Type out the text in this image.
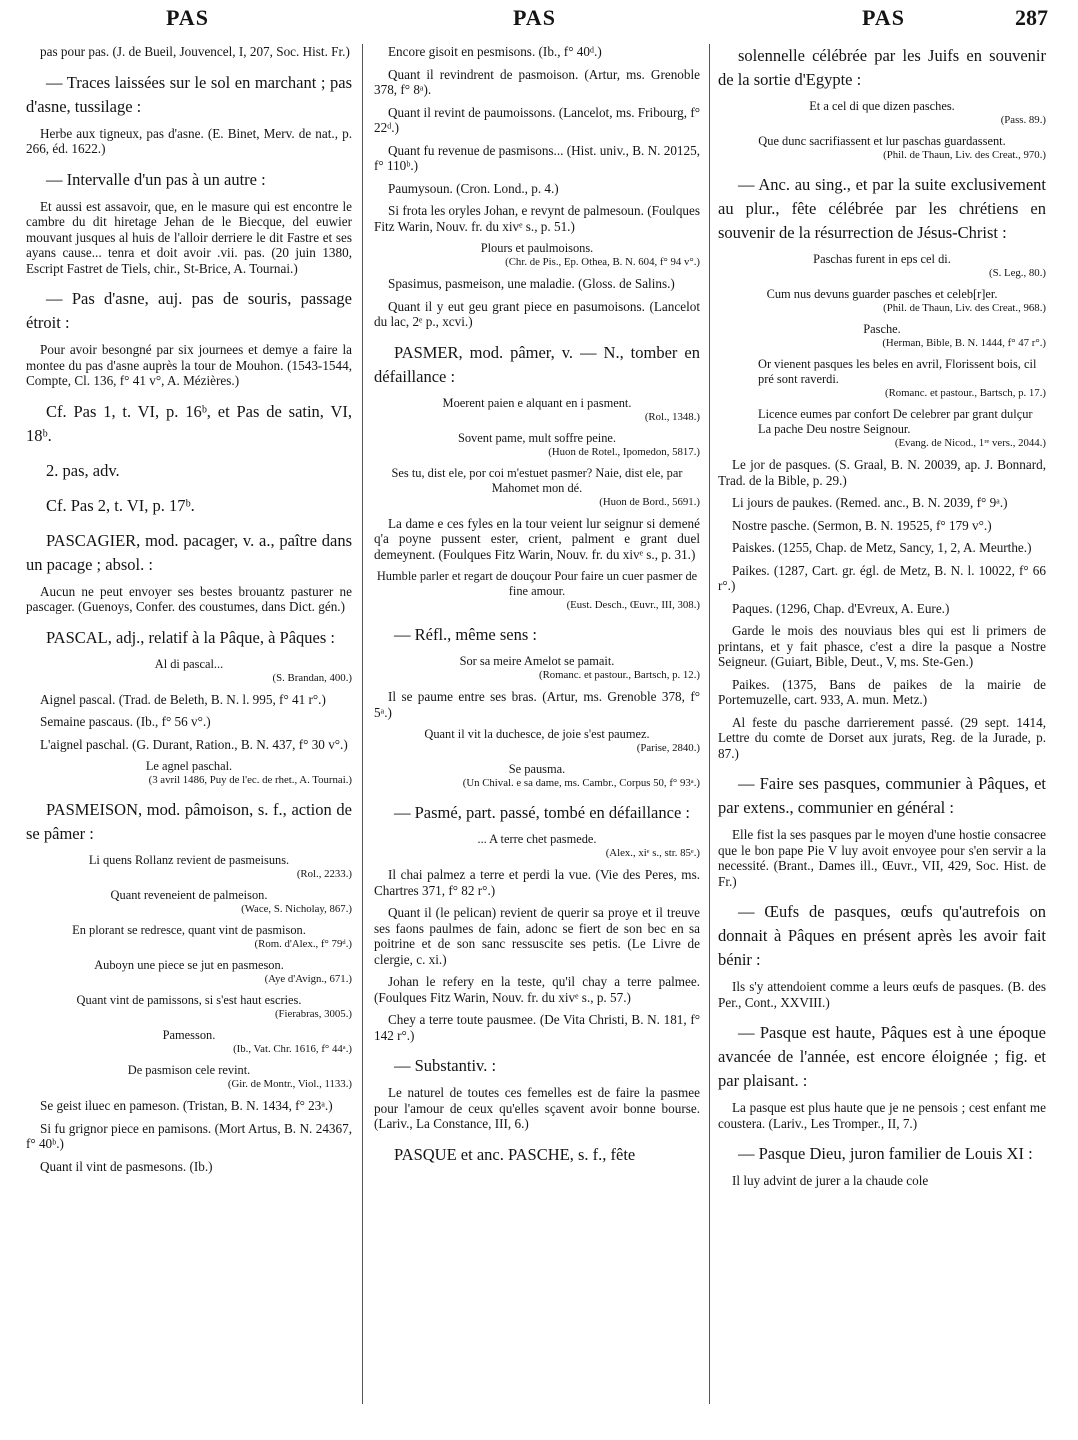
PAS	PAS	PAS	287

pas pour pas. (J. de Bueil, Jouvencel, I, 207, Soc. Hist. Fr.)

— Traces laissées sur le sol en marchant ; pas d'asne, tussilage :

Herbe aux tigneux, pas d'asne. (E. Binet, Merv. de nat., p. 266, éd. 1622.)

— Intervalle d'un pas à un autre :

Et aussi est assavoir, que, en le masure qui est encontre le cambre du dit hiretage Jehan de le Biecque, del euwier mouvant jusques al huis de l'alloir derriere le dit Fastre et ses ayans cause... tenra et doit avoir .vii. pas. (20 juin 1380, Escript Fastret de Tiels, chir., St-Brice, A. Tournai.)

— Pas d'asne, auj. pas de souris, passage étroit :

Pour avoir besongné par six journees et demye a faire la montee du pas d'asne auprès la tour de Mouhon. (1543-1544, Compte, Cl. 136, f° 41 v°, A. Mézières.)

Cf. Pas 1, t. VI, p. 16ᵇ, et Pas de satin, VI, 18ᵇ.

2. pas, adv.

Cf. Pas 2, t. VI, p. 17ᵇ.

PASCAGIER, mod. pacager, v. a., paître dans un pacage ; absol. :

Aucun ne peut envoyer ses bestes brouantz pasturer ne pascager. (Guenoys, Confer. des coustumes, dans Dict. gén.)

PASCAL, adj., relatif à la Pâque, à Pâques :

Al di pascal...

(S. Brandan, 400.)

Aignel pascal. (Trad. de Beleth, B. N. l. 995, f° 41 r°.)

Semaine pascaus. (Ib., f° 56 v°.)

L'aignel paschal. (G. Durant, Ration., B. N. 437, f° 30 v°.)

Le agnel paschal.

(3 avril 1486, Puy de l'ec. de rhet., A. Tournai.)

PASMEISON, mod. pâmoison, s. f., action de se pâmer :

Li quens Rollanz revient de pasmeisuns.

(Rol., 2233.)

Quant reveneient de palmeison.

(Wace, S. Nicholay, 867.)

En plorant se redresce, quant vint de pasmison.

(Rom. d'Alex., f° 79ᵈ.)

Auboyn une piece se jut en pasmeson.

(Aye d'Avign., 671.)

Quant vint de pamissons, si s'est haut escries.

(Fierabras, 3005.)

Pamesson.

(Ib., Vat. Chr. 1616, f° 44ᵃ.)

De pasmison cele revint.

(Gir. de Montr., Viol., 1133.)

Se geist iluec en pameson. (Tristan, B. N. 1434, f° 23ᵃ.)

Si fu grignor piece en pamisons. (Mort Artus, B. N. 24367, f° 40ᵇ.)

Quant il vint de pasmesons. (Ib.)

Encore gisoit en pesmisons. (Ib., f° 40ᵈ.)

Quant il revindrent de pasmoison. (Artur, ms. Grenoble 378, f° 8ᵃ).

Quant il revint de paumoissons. (Lancelot, ms. Fribourg, f° 22ᵈ.)

Quant fu revenue de pasmisons... (Hist. univ., B. N. 20125, f° 110ᵇ.)

Paumysoun. (Cron. Lond., p. 4.)

Si frota les oryles Johan, e revynt de palmesoun. (Foulques Fitz Warin, Nouv. fr. du xivᵉ s., p. 51.)

Plours et paulmoisons.

(Chr. de Pis., Ep. Othea, B. N. 604, f° 94 v°.)

Spasimus, pasmeison, une maladie. (Gloss. de Salins.)

Quant il y eut geu grant piece en pasumoisons. (Lancelot du lac, 2ᵉ p., xcvi.)

PASMER, mod. pâmer, v. — N., tomber en défaillance :

Moerent paien e alquant en i pasment.

(Rol., 1348.)

Sovent pame, mult soffre peine.

(Huon de Rotel., Ipomedon, 5817.)

Ses tu, dist ele, por coi m'estuet pasmer? Naie, dist ele, par Mahomet mon dé.

(Huon de Bord., 5691.)

La dame e ces fyles en la tour veient lur seignur si demené q'a poyne pussent ester, crient, palment e grant duel demeynent. (Foulques Fitz Warin, Nouv. fr. du xivᵉ s., p. 31.)

Humble parler et regart de douçour Pour faire un cuer pasmer de fine amour.

(Eust. Desch., Œuvr., III, 308.)

— Réfl., même sens :

Sor sa meire Amelot se pamait.

(Romanc. et pastour., Bartsch, p. 12.)

Il se paume entre ses bras. (Artur, ms. Grenoble 378, f° 5ᵃ.)

Quant il vit la duchesce, de joie s'est paumez.

(Parise, 2840.)

Se pausma.

(Un Chival. e sa dame, ms. Cambr., Corpus 50, f° 93ᵃ.)

— Pasmé, part. passé, tombé en défaillance :

... A terre chet pasmede.

(Alex., xiᵉ s., str. 85ᵉ.)

Il chai palmez a terre et perdi la vue. (Vie des Peres, ms. Chartres 371, f° 82 r°.)

Quant il (le pelican) revient de querir sa proye et il treuve ses faons paulmes de fain, adonc se fiert de son bec en sa poitrine et de son sanc ressuscite ses petis. (Le Livre de clergie, c. xi.)

Johan le refery en la teste, qu'il chay a terre palmee. (Foulques Fitz Warin, Nouv. fr. du xivᵉ s., p. 57.)

Chey a terre toute pausmee. (De Vita Christi, B. N. 181, f° 142 r°.)

— Substantiv. :

Le naturel de toutes ces femelles est de faire la pasmee pour l'amour de ceux qu'elles sçavent avoir bonne bourse. (Lariv., La Constance, III, 6.)

PASQUE et anc. PASCHE, s. f., fête

solennelle célébrée par les Juifs en souvenir de la sortie d'Egypte :

Et a cel di que dizen pasches.

(Pass. 89.)

Que dunc sacrifiassent et lur paschas guardassent.

(Phil. de Thaun, Liv. des Creat., 970.)

— Anc. au sing., et par la suite exclusivement au plur., fête célébrée par les chrétiens en souvenir de la résurrection de Jésus-Christ :

Paschas furent in eps cel di.

(S. Leg., 80.)

Cum nus devuns guarder pasches et celeb[r]er.

(Phil. de Thaun, Liv. des Creat., 968.)

Pasche.

(Herman, Bible, B. N. 1444, f° 47 r°.)

Or vienent pasques les beles en avril, Florissent bois, cil pré sont raverdi.

(Romanc. et pastour., Bartsch, p. 17.)

Licence eumes par confort De celebrer par grant dulçur La pache Deu nostre Seignour.

(Evang. de Nicod., 1ʳᵉ vers., 2044.)

Le jor de pasques. (S. Graal, B. N. 20039, ap. J. Bonnard, Trad. de la Bible, p. 29.)

Li jours de paukes. (Remed. anc., B. N. 2039, f° 9ᵃ.)

Nostre pasche. (Sermon, B. N. 19525, f° 179 v°.)

Paiskes. (1255, Chap. de Metz, Sancy, 1, 2, A. Meurthe.)

Paikes. (1287, Cart. gr. égl. de Metz, B. N. l. 10022, f° 66 r°.)

Paques. (1296, Chap. d'Evreux, A. Eure.)

Garde le mois des nouviaus bles qui est li primers de printans, et y fait phasce, c'est a dire la pasque a Nostre Seigneur. (Guiart, Bible, Deut., V, ms. Ste-Gen.)

Paikes. (1375, Bans de paikes de la mairie de Portemuzelle, cart. 933, A. mun. Metz.)

Al feste du pasche darrierement passé. (29 sept. 1414, Lettre du comte de Dorset aux jurats, Reg. de la Jurade, p. 87.)

— Faire ses pasques, communier à Pâques, et par extens., communier en général :

Elle fist la ses pasques par le moyen d'une hostie consacree que le bon pape Pie V luy avoit envoyee pour s'en servir a la necessité. (Brant., Dames ill., Œuvr., VII, 429, Soc. Hist. de Fr.)

— Œufs de pasques, œufs qu'autrefois on donnait à Pâques en présent après les avoir fait bénir :

Ils s'y attendoient comme a leurs œufs de pasques. (B. des Per., Cont., XXVIII.)

— Pasque est haute, Pâques est à une époque avancée de l'année, est encore éloignée ; fig. et par plaisant. :

La pasque est plus haute que je ne pensois ; cest enfant me coustera. (Lariv., Les Tromper., II, 7.)

— Pasque Dieu, juron familier de Louis XI :

Il luy advint de jurer a la chaude cole
